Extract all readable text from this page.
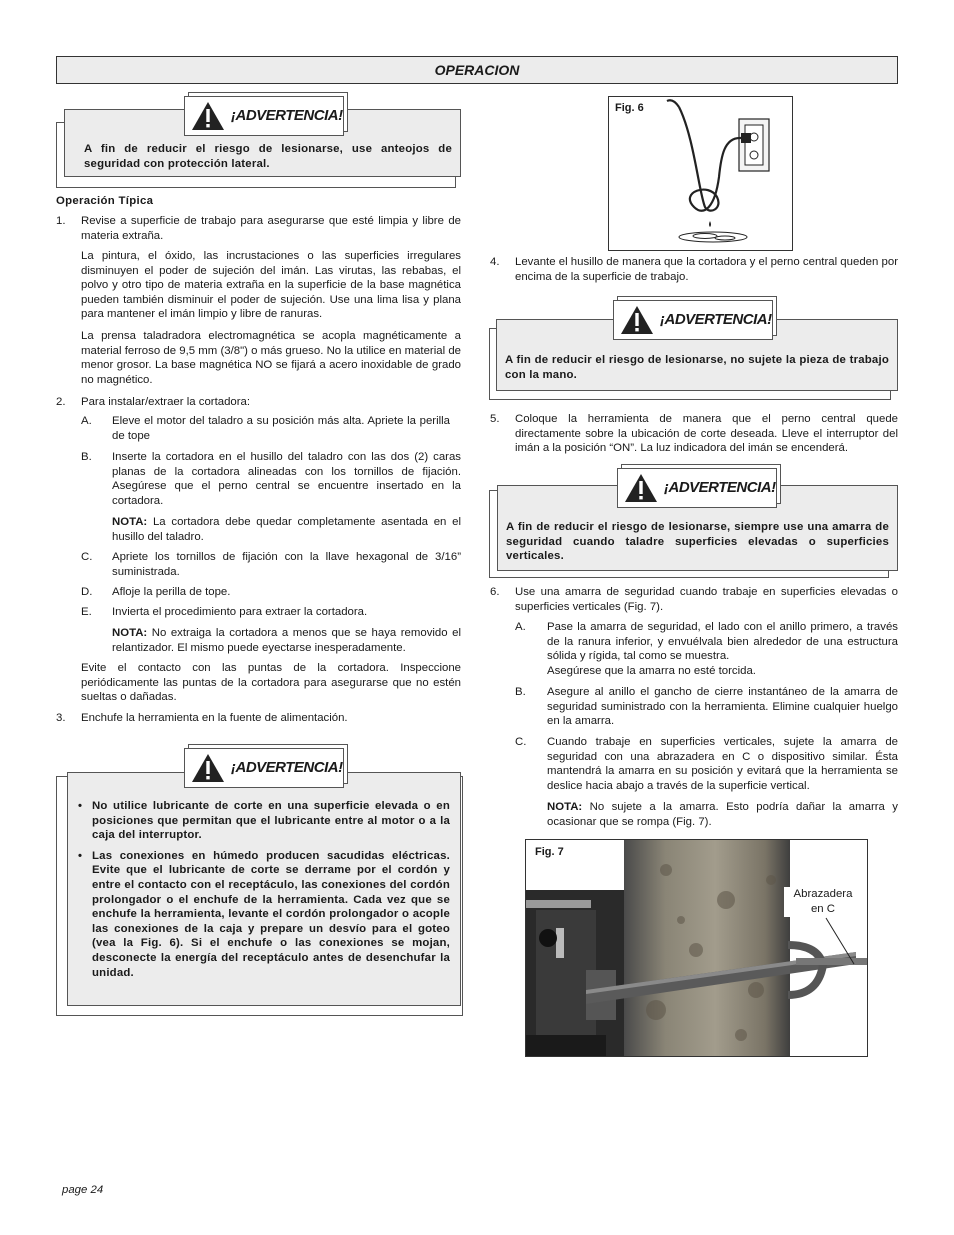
OPERACION
A fin de reducir el riesgo de lesionarse, use anteojos de seguridad con protección lateral.
¡ADVERTENCIA!
Operación Típica
1. Revise a superficie de trabajo para asegurarse que esté limpia y libre de materia extraña.
La pintura, el óxido, las incrustaciones o las superficies irregulares disminuyen el poder de sujeción del imán. Las virutas, las rebabas, el polvo y otro tipo de materia extraña en la superficie de la base magnética pueden también disminuir el poder de sujeción. Use una lima lisa y plana para mantener el imán limpio y libre de ranuras.
La prensa taladradora electromagnética se acopla magnéticamente a material ferroso de 9,5 mm (3/8") o más grueso. No la utilice en material de menor grosor. La base magnética NO se fijará a acero inoxidable de grado no magnético.
2. Para instalar/extraer la cortadora:
A. Eleve el motor del taladro a su posición más alta. Apriete la perilla de tope
B. Inserte la cortadora en el husillo del taladro con las dos (2) caras planas de la cortadora alineadas con los tornillos de fijación. Asegúrese que el perno central se encuentre insertado en la cortadora.
NOTA: La cortadora debe quedar completamente asentada en el husillo del taladro.
C. Apriete los tornillos de fijación con la llave hexagonal de 3/16” suministrada.
D. Afloje la perilla de tope.
E. Invierta el procedimiento para extraer la cortadora.
NOTA: No extraiga la cortadora a menos que se haya removido el relantizador. El mismo puede eyectarse inesperadamente.
Evite el contacto con las puntas de la cortadora. Inspeccione periódicamente las puntas de la cortadora para asegurarse que no estén sueltas o dañadas.
3. Enchufe la herramienta en la fuente de alimentación.
• No utilice lubricante de corte en una superficie elevada o en posiciones que permitan que el lubricante entre al motor o a la caja del interruptor.
• Las conexiones en húmedo producen sacudidas eléctricas. Evite que el lubricante de corte se derrame por el cordón y entre el contacto con el receptáculo, las conexiones del cordón prolongador o el enchufe de la herramienta. Cada vez que se enchufe la herramienta, levante el cordón prolongador o acople las conexiones de la caja y prepare un desvío para el goteo (vea la Fig. 6). Si el enchufe o las conexiones se mojan, desconecte la energía del receptáculo antes de desenchufar la unidad.
¡ADVERTENCIA!
Fig. 6
4. Levante el husillo de manera que la cortadora y el perno central queden por encima de la superficie de trabajo.
A fin de reducir el riesgo de lesionarse, no sujete la pieza de trabajo con la mano.
¡ADVERTENCIA!
5. Coloque la herramienta de manera que el perno central quede directamente sobre la ubicación de corte deseada. Lleve el interruptor del imán a la posición “ON”. La luz indicadora del imán se encenderá.
A fin de reducir el riesgo de lesionarse, siempre use una amarra de seguridad cuando taladre superficies elevadas o superficies verticales.
¡ADVERTENCIA!
6. Use una amarra de seguridad cuando trabaje en superficies elevadas o superficies verticales (Fig. 7).
A. Pase la amarra de seguridad, el lado con el anillo primero, a través de la ranura inferior, y envuélvala bien alrededor de una estructura sólida y rígida, tal como se muestra.
Asegúrese que la amarra no esté torcida.
B. Asegure al anillo el gancho de cierre instantáneo de la amarra de seguridad suministrado con la herramienta. Elimine cualquier huelgo en la amarra.
C. Cuando trabaje en superficies verticales, sujete la amarra de seguridad con una abrazadera en C o dispositivo similar. Ésta mantendrá la amarra en su posición y evitará que la herramienta se deslice hacia abajo a través de la superficie vertical.
NOTA: No sujete a la amarra. Esto podría dañar la amarra y ocasionar que se rompa (Fig. 7).
Fig. 7
Abrazadera
en C
page 24
